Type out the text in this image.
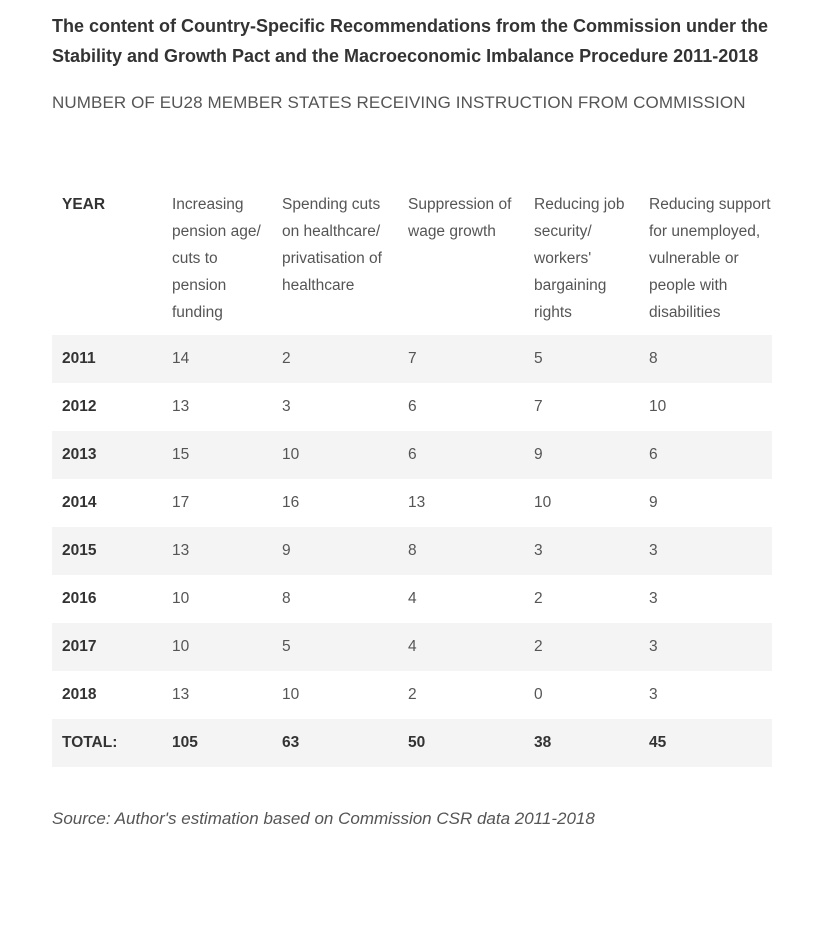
The content of Country-Specific Recommendations from the Commission under the Stability and Growth Pact and the Macroeconomic Imbalance Procedure 2011-2018

NUMBER OF EU28 MEMBER STATES RECEIVING INSTRUCTION FROM COMMISSION

YEAR	Increasing pension age/ cuts to pension funding	Spending cuts on healthcare/ privatisation of healthcare	Suppression of wage growth	Reducing job security/ workers' bargaining rights	Reducing support for unemployed, vulnerable or people with disabilities
2011	14	2	7	5	8
2012	13	3	6	7	10
2013	15	10	6	9	6
2014	17	16	13	10	9
2015	13	9	8	3	3
2016	10	8	4	2	3
2017	10	5	4	2	3
2018	13	10	2	0	3
TOTAL:	105	63	50	38	45

Source: Author's estimation based on Commission CSR data 2011-2018
